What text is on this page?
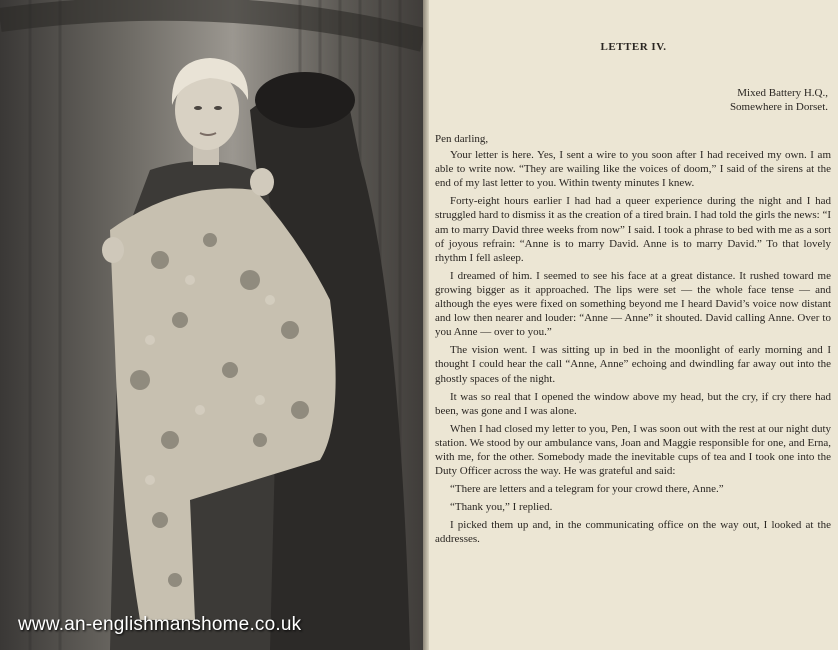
www.an-englishmanshome.co.uk
LETTER IV.
Mixed Battery H.Q.,
Somewhere in Dorset.

Pen darling,

Your letter is here. Yes, I sent a wire to you soon after I had received my own. I am able to write now. “They are wailing like the voices of doom,” I said of the sirens at the end of my last letter to you. Within twenty minutes I knew.

Forty-eight hours earlier I had had a queer experience during the night and I had struggled hard to dismiss it as the creation of a tired brain. I had told the girls the news: “I am to marry David three weeks from now” I said. I took a phrase to bed with me as a sort of joyous refrain: “Anne is to marry David. Anne is to marry David.” To that lovely rhythm I fell asleep.

I dreamed of him. I seemed to see his face at a great distance. It rushed toward me growing bigger as it approached. The lips were set — the whole face tense — and although the eyes were fixed on something beyond me I heard David’s voice now distant and low then nearer and louder: “Anne — Anne” it shouted. David calling Anne. Over to you Anne — over to you.”

The vision went. I was sitting up in bed in the moonlight of early morning and I thought I could hear the call “Anne, Anne” echoing and dwindling far away out into the ghostly spaces of the night.

It was so real that I opened the window above my head, but the cry, if cry there had been, was gone and I was alone.

When I had closed my letter to you, Pen, I was soon out with the rest at our night duty station. We stood by our ambulance vans, Joan and Maggie responsible for one, and Erna, with me, for the other. Somebody made the inevitable cups of tea and I took one into the Duty Officer across the way. He was grateful and said:

“There are letters and a telegram for your crowd there, Anne.”

“Thank you,” I replied.

I picked them up and, in the communicating office on the way out, I looked at the addresses.
